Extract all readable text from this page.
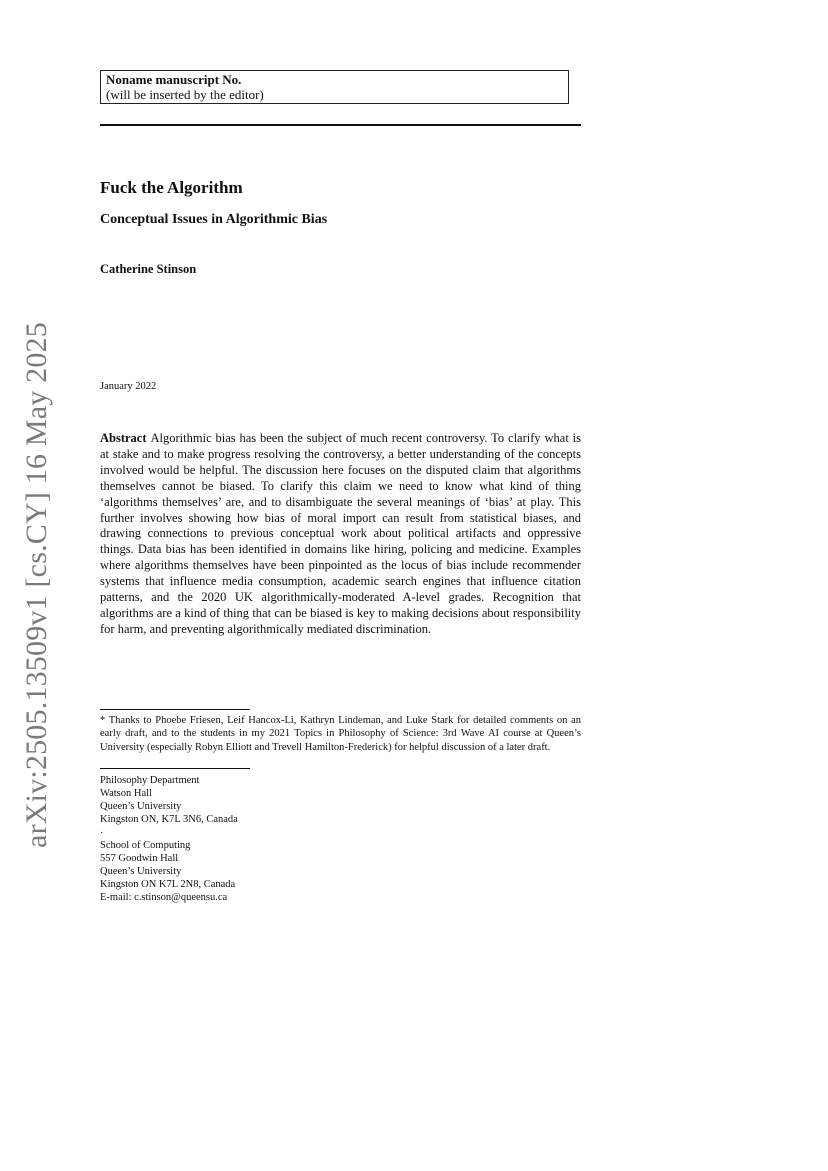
arXiv:2505.13509v1 [cs.CY] 16 May 2025
Noname manuscript No.
(will be inserted by the editor)
Fuck the Algorithm
Conceptual Issues in Algorithmic Bias
Catherine Stinson
January 2022
Abstract Algorithmic bias has been the subject of much recent controversy. To clarify what is at stake and to make progress resolving the controversy, a better understanding of the concepts involved would be helpful. The discussion here focuses on the disputed claim that algorithms themselves cannot be biased. To clarify this claim we need to know what kind of thing ‘algorithms themselves’ are, and to disambiguate the several meanings of ‘bias’ at play. This further involves showing how bias of moral import can result from statistical biases, and drawing connections to previous conceptual work about political artifacts and oppressive things. Data bias has been identified in domains like hiring, policing and medicine. Examples where algorithms themselves have been pinpointed as the locus of bias include recommender systems that influence media consumption, academic search engines that influence citation patterns, and the 2020 UK algorithmically-moderated A-level grades. Recognition that algorithms are a kind of thing that can be biased is key to making decisions about responsibility for harm, and preventing algorithmically mediated discrimination.
* Thanks to Phoebe Friesen, Leif Hancox-Li, Kathryn Lindeman, and Luke Stark for detailed comments on an early draft, and to the students in my 2021 Topics in Philosophy of Science: 3rd Wave AI course at Queen’s University (especially Robyn Elliott and Trevell Hamilton-Frederick) for helpful discussion of a later draft.
Philosophy Department
Watson Hall
Queen’s University
Kingston ON, K7L 3N6, Canada
·
School of Computing
557 Goodwin Hall
Queen’s University
Kingston ON K7L 2N8, Canada
E-mail: c.stinson@queensu.ca
